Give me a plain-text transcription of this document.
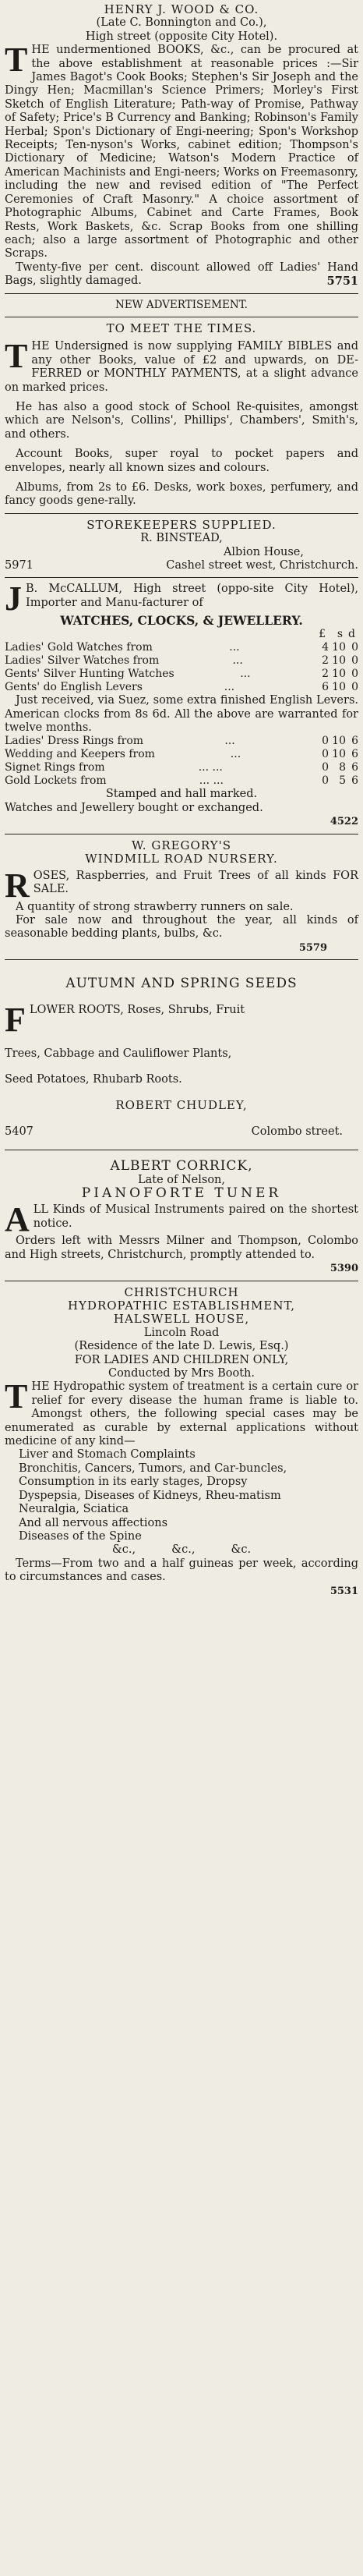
HENRY J. WOOD & CO.
(Late C. Bonnington and Co.),
High street (opposite City Hotel).
THE undermentioned BOOKS, &c., can be procured at the above establishment at reasonable prices :—Sir James Bagot's Cook Books; Stephen's Sir Joseph and the Dingy Hen; Macmillan's Science Primers; Morley's First Sketch of English Literature; Path-way of Promise, Pathway of Safety; Price's B Currency and Banking; Robinson's Family Herbal; Spon's Dictionary of Engi-neering; Spon's Workshop Receipts; Ten-nyson's Works, cabinet edition; Thompson's Dictionary of Medicine; Watson's Modern Practice of American Machinists and Engi-neers; Works on Freemasonry, including the new and revised edition of "The Perfect Ceremonies of Craft Masonry." A choice assortment of Photographic Albums, Cabinet and Carte Frames, Book Rests, Work Baskets, &c. Scrap Books from one shilling each; also a large assortment of Photographic and other Scraps.
Twenty-five per cent. discount allowed off Ladies' Hand Bags, slightly damaged.	5751
NEW ADVERTISEMENT.
TO MEET THE TIMES.
THE Undersigned is now supplying FAMILY BIBLES and any other Books, value of £2 and upwards, on DE-FERRED or MONTHLY PAYMENTS, at a slight advance on marked prices.
He has also a good stock of School Re-quisites, amongst which are Nelson's, Collins', Phillips', Chambers', Smith's, and others.
Account Books, super royal to pocket papers and envelopes, nearly all known sizes and colours.
Albums, from 2s to £6. Desks, work boxes, perfumery, and fancy goods gene-rally.
STOREKEEPERS SUPPLIED.
R. BINSTEAD,
Albion House,
5971	Cashel street west, Christchurch.
J B. McCALLUM, High street (oppo-site City Hotel), Importer and Manu-facturer of
WATCHES, CLOCKS, & JEWELLERY.
£	s d
Ladies' Gold Watches from	...	4 10 0
Ladies' Silver Watches from	...	2 10 0
Gents' Silver Hunting Watches	...	2 10 0
Gents' do English Levers	...	6 10 0
Just received, via Suez, some extra finished English Levers. American clocks from 8s 6d. All the above are warranted for twelve months.
Ladies' Dress Rings from	...	0 10 6
Wedding and Keepers from	...	0 10 6
Signet Rings from	... ...	0 8 6
Gold Lockets from	... ...	0 5 6
Stamped and hall marked.
Watches and Jewellery bought or exchanged.
4522
W. GREGORY'S
WINDMILL ROAD NURSERY.
ROSES, Raspberries, and Fruit Trees of all kinds FOR SALE.
A quantity of strong strawberry runners on sale.
For sale now and throughout the year, all kinds of seasonable bedding plants, bulbs, &c.
5579
AUTUMN AND SPRING SEEDS
FLOWER ROOTS, Roses, Shrubs, Fruit
Trees, Cabbage and Cauliflower Plants,
Seed Potatoes, Rhubarb Roots.
ROBERT CHUDLEY,
5407	Colombo street.
ALBERT CORRICK,
Late of Nelson,
PIANOFORTE TUNER
ALL Kinds of Musical Instruments paired on the shortest notice.
Orders left with Messrs Milner and Thompson, Colombo and High streets, Christchurch, promptly attended to.
5390
CHRISTCHURCH
HYDROPATHIC ESTABLISHMENT,
HALSWELL HOUSE,
Lincoln Road
(Residence of the late D. Lewis, Esq.)
FOR LADIES AND CHILDREN ONLY,
Conducted by Mrs Booth.
THE Hydropathic system of treatment is a certain cure or relief for every disease the human frame is liable to. Amongst others, the following special cases may be enumerated as curable by external applications without medicine of any kind—
Liver and Stomach Complaints
Bronchitis, Cancers, Tumors, and Car-buncles,
Consumption in its early stages, Dropsy
Dyspepsia, Diseases of Kidneys, Rheu-matism
Neuralgia, Sciatica
And all nervous affections
Diseases of the Spine
&c.,          &c.,          &c.
Terms—From two and a half guineas per week, according to circumstances and cases.
5531
